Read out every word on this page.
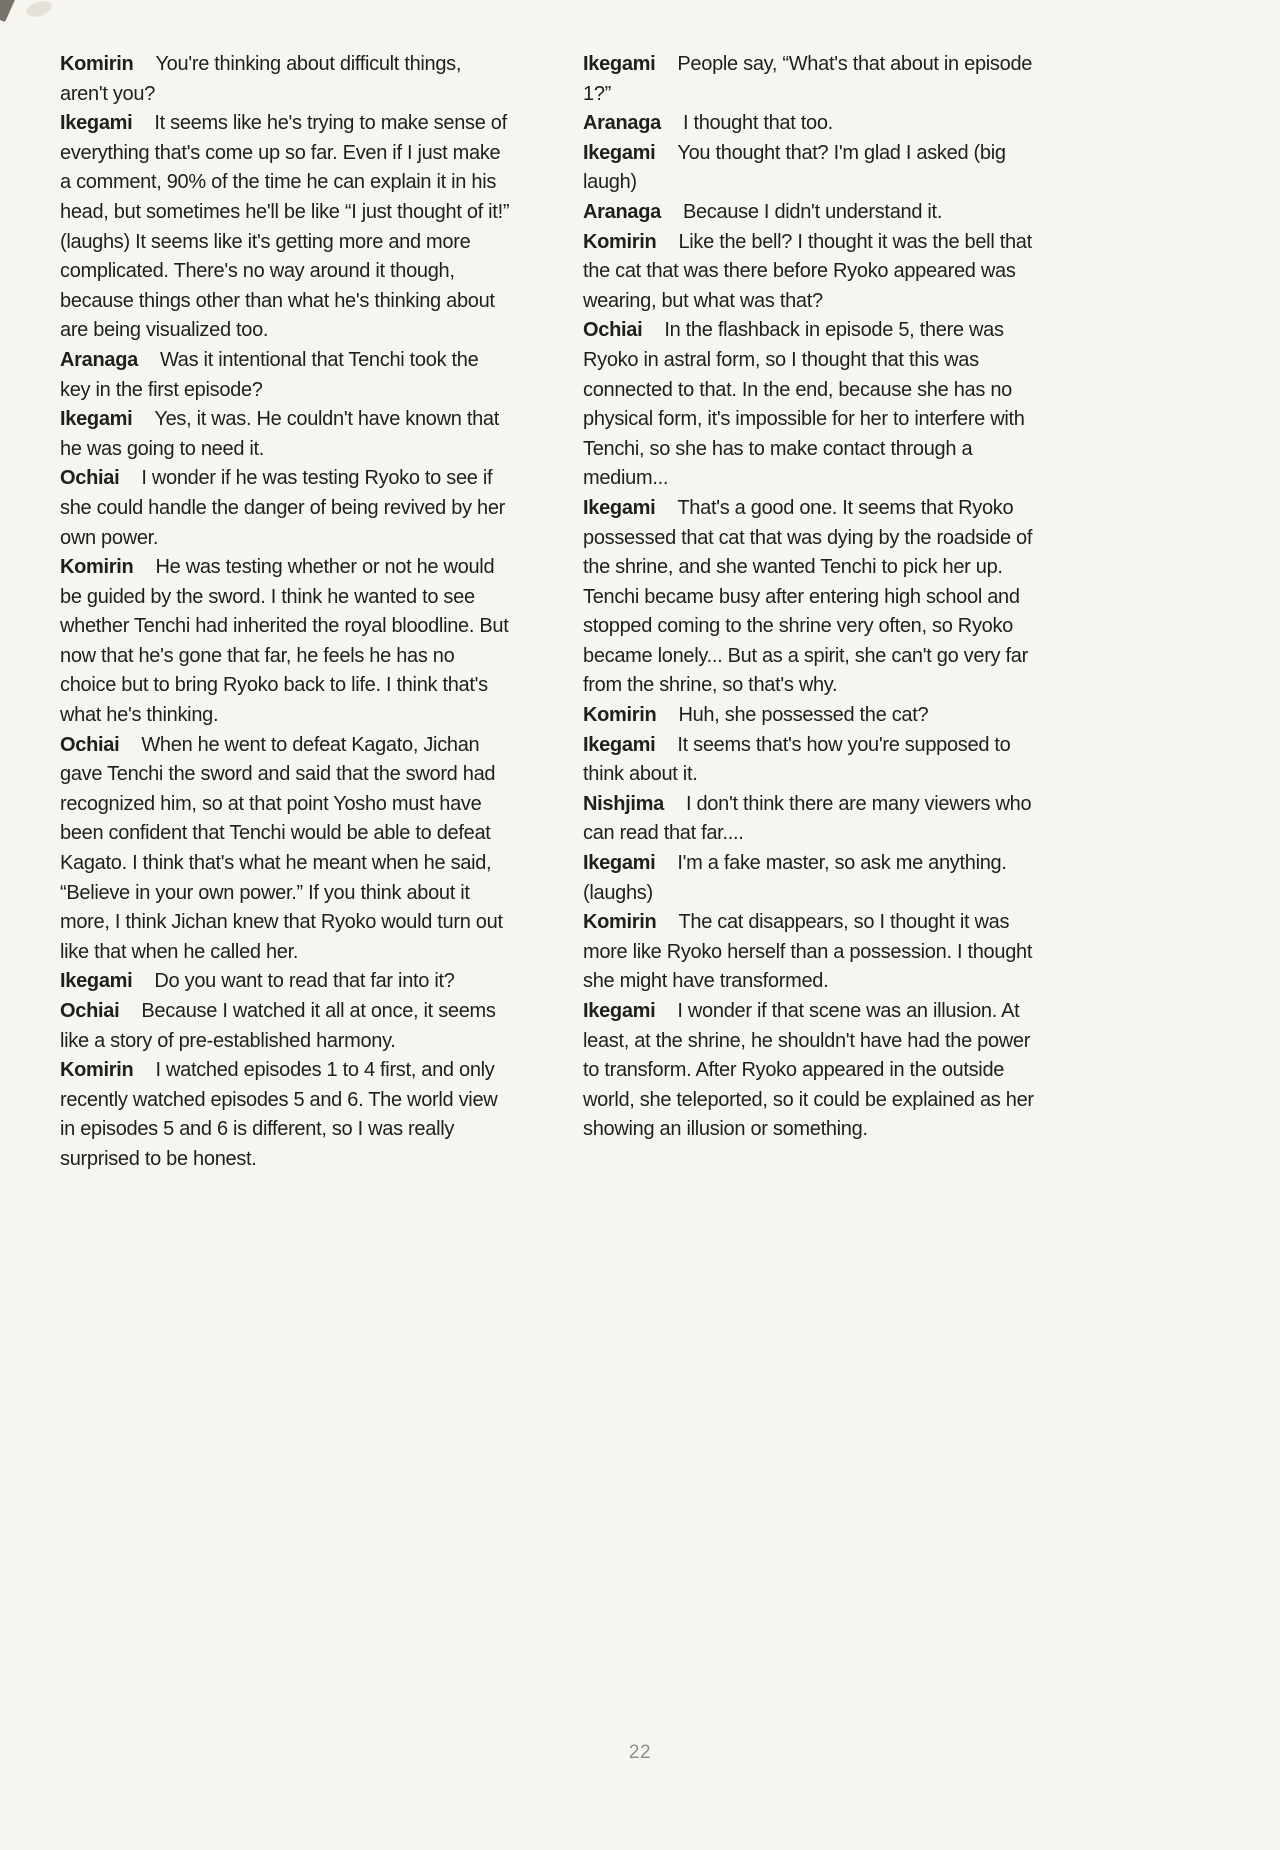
Komirin You're thinking about difficult things, aren't you?

Ikegami It seems like he's trying to make sense of everything that's come up so far. Even if I just make a comment, 90% of the time he can explain it in his head, but sometimes he'll be like “I just thought of it!” (laughs) It seems like it's getting more and more complicated. There's no way around it though, because things other than what he's thinking about are being visualized too.

Aranaga Was it intentional that Tenchi took the key in the first episode?

Ikegami Yes, it was. He couldn't have known that he was going to need it.

Ochiai I wonder if he was testing Ryoko to see if she could handle the danger of being revived by her own power.

Komirin He was testing whether or not he would be guided by the sword. I think he wanted to see whether Tenchi had inherited the royal bloodline. But now that he's gone that far, he feels he has no choice but to bring Ryoko back to life. I think that's what he's thinking.

Ochiai When he went to defeat Kagato, Jichan gave Tenchi the sword and said that the sword had recognized him, so at that point Yosho must have been confident that Tenchi would be able to defeat Kagato. I think that's what he meant when he said, “Believe in your own power.” If you think about it more, I think Jichan knew that Ryoko would turn out like that when he called her.

Ikegami Do you want to read that far into it?

Ochiai Because I watched it all at once, it seems like a story of pre-established harmony.

Komirin I watched episodes 1 to 4 first, and only recently watched episodes 5 and 6. The world view in episodes 5 and 6 is different, so I was really surprised to be honest.

Ikegami People say, “What's that about in episode 1?”

Aranaga I thought that too.

Ikegami You thought that? I'm glad I asked (big laugh)

Aranaga Because I didn't understand it.

Komirin Like the bell? I thought it was the bell that the cat that was there before Ryoko appeared was wearing, but what was that?

Ochiai In the flashback in episode 5, there was Ryoko in astral form, so I thought that this was connected to that. In the end, because she has no physical form, it's impossible for her to interfere with Tenchi, so she has to make contact through a medium...

Ikegami That's a good one. It seems that Ryoko possessed that cat that was dying by the roadside of the shrine, and she wanted Tenchi to pick her up. Tenchi became busy after entering high school and stopped coming to the shrine very often, so Ryoko became lonely... But as a spirit, she can't go very far from the shrine, so that's why.

Komirin Huh, she possessed the cat?

Ikegami It seems that's how you're supposed to think about it.

Nishjima I don't think there are many viewers who can read that far....

Ikegami I'm a fake master, so ask me anything. (laughs)

Komirin The cat disappears, so I thought it was more like Ryoko herself than a possession. I thought she might have transformed.

Ikegami I wonder if that scene was an illusion. At least, at the shrine, he shouldn't have had the power to transform. After Ryoko appeared in the outside world, she teleported, so it could be explained as her showing an illusion or something.

22
